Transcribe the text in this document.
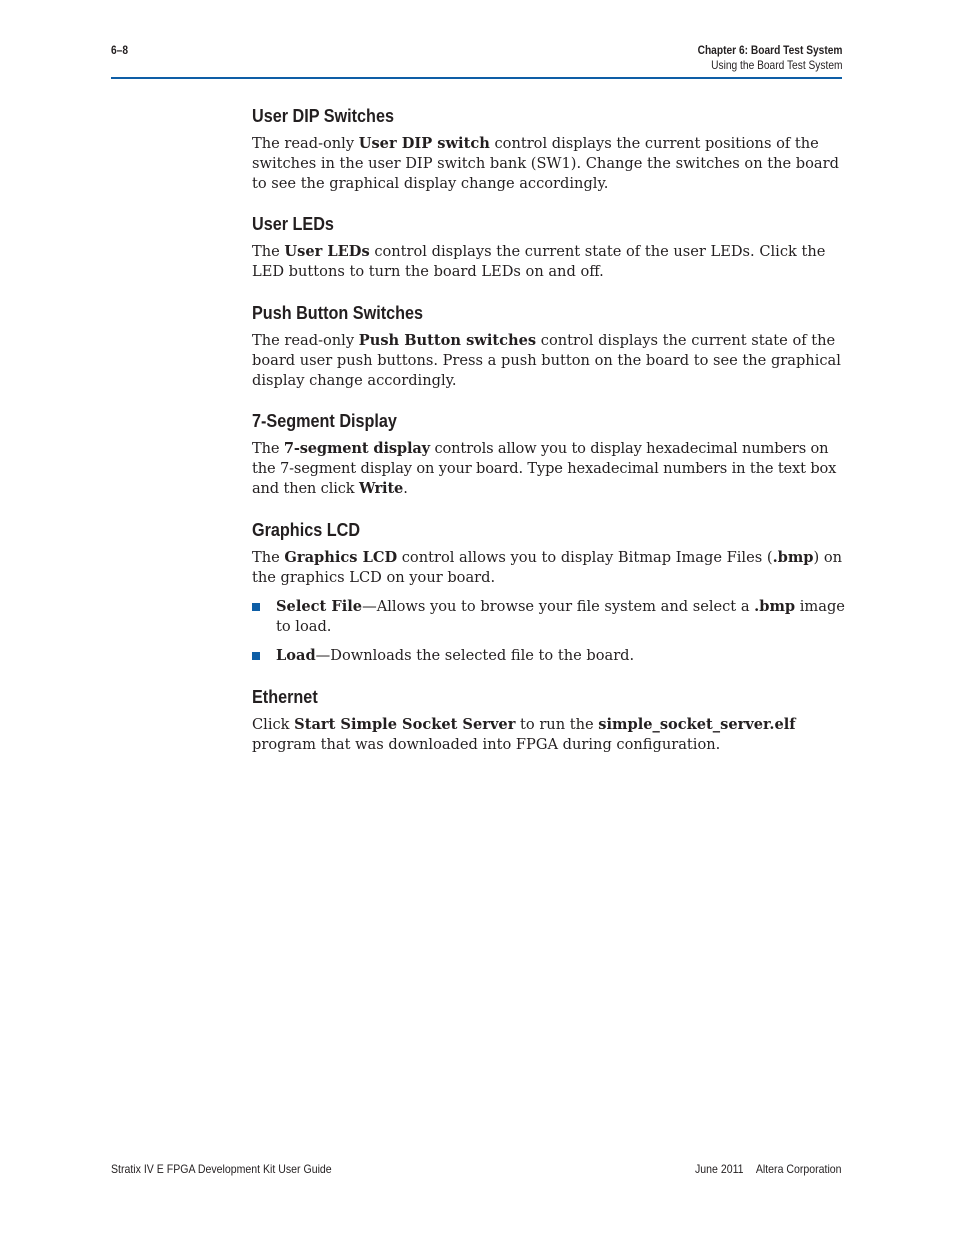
6–8	Chapter 6: Board Test System
Using the Board Test System
User DIP Switches

The read-only User DIP switch control displays the current positions of the switches in the user DIP switch bank (SW1). Change the switches on the board to see the graphical display change accordingly.

User LEDs

The User LEDs control displays the current state of the user LEDs. Click the LED buttons to turn the board LEDs on and off.

Push Button Switches

The read-only Push Button switches control displays the current state of the board user push buttons. Press a push button on the board to see the graphical display change accordingly.

7-Segment Display

The 7-segment display controls allow you to display hexadecimal numbers on the 7-segment display on your board. Type hexadecimal numbers in the text box and then click Write.

Graphics LCD

The Graphics LCD control allows you to display Bitmap Image Files (.bmp) on the graphics LCD on your board.

Select File—Allows you to browse your file system and select a .bmp image to load.
Load—Downloads the selected file to the board.
Ethernet

Click Start Simple Socket Server to run the simple_socket_server.elf program that was downloaded into FPGA during configuration.

Stratix IV E FPGA Development Kit User Guide	June 2011 Altera Corporation
